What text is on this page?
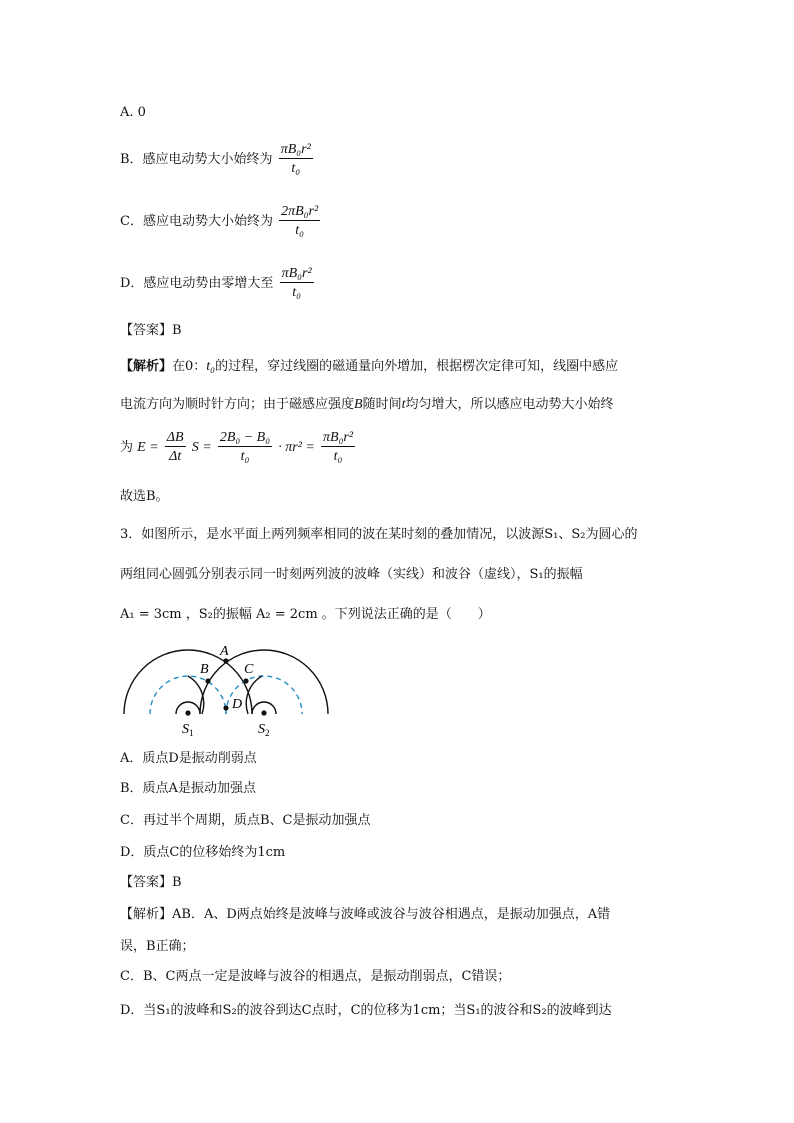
A. 0
B．感应电动势大小始终为 $\frac{\text{πB₀r²}}{\text{t₀}}$
C．感应电动势大小始终为 $\frac{\text{2πB₀r²}}{\text{t₀}}$
D．感应电动势由零增大至 $\frac{\text{πB₀r²}}{\text{t₀}}$
【答案】B
【解析】在0：t₀的过程，穿过线圈的磁通量向外增加，根据楞次定律可知，线圈中感应
电流方向为顺时针方向；由于磁感应强度B随时间t均匀增大，所以感应电动势大小始终
为 $E = \frac{\Delta B}{\Delta t}$ $S = \frac{\text{2B₀ − B₀}}{\text{t₀}} \cdot \pi r^2 = \frac{\text{πB₀r²}}{\text{t₀}}$
故选B。
3．如图所示，是水平面上两列频率相同的波在某时刻的叠加情况，以波源S₁、S₂为圆心的
两组同心圆弧分别表示同一时刻两列波的波峰（实线）和波谷（虚线），S₁的振幅
A₁ = 3cm ，S₂的振幅 A₂ = 2cm 。下列说法正确的是（　　）
A
B	C
D
$S_1$	$S_2$
A．质点D是振动削弱点
B．质点A是振动加强点
C．再过半个周期，质点B、C是振动加强点
D．质点C的位移始终为1cm
【答案】B
【解析】AB．A、D两点始终是波峰与波峰或波谷与波谷相遇点，是振动加强点，A错
误，B正确；
C．B、C两点一定是波峰与波谷的相遇点，是振动削弱点，C错误；
D．当S₁的波峰和S₂的波谷到达C点时，C的位移为1cm；当S₁的波谷和S₂的波峰到达
